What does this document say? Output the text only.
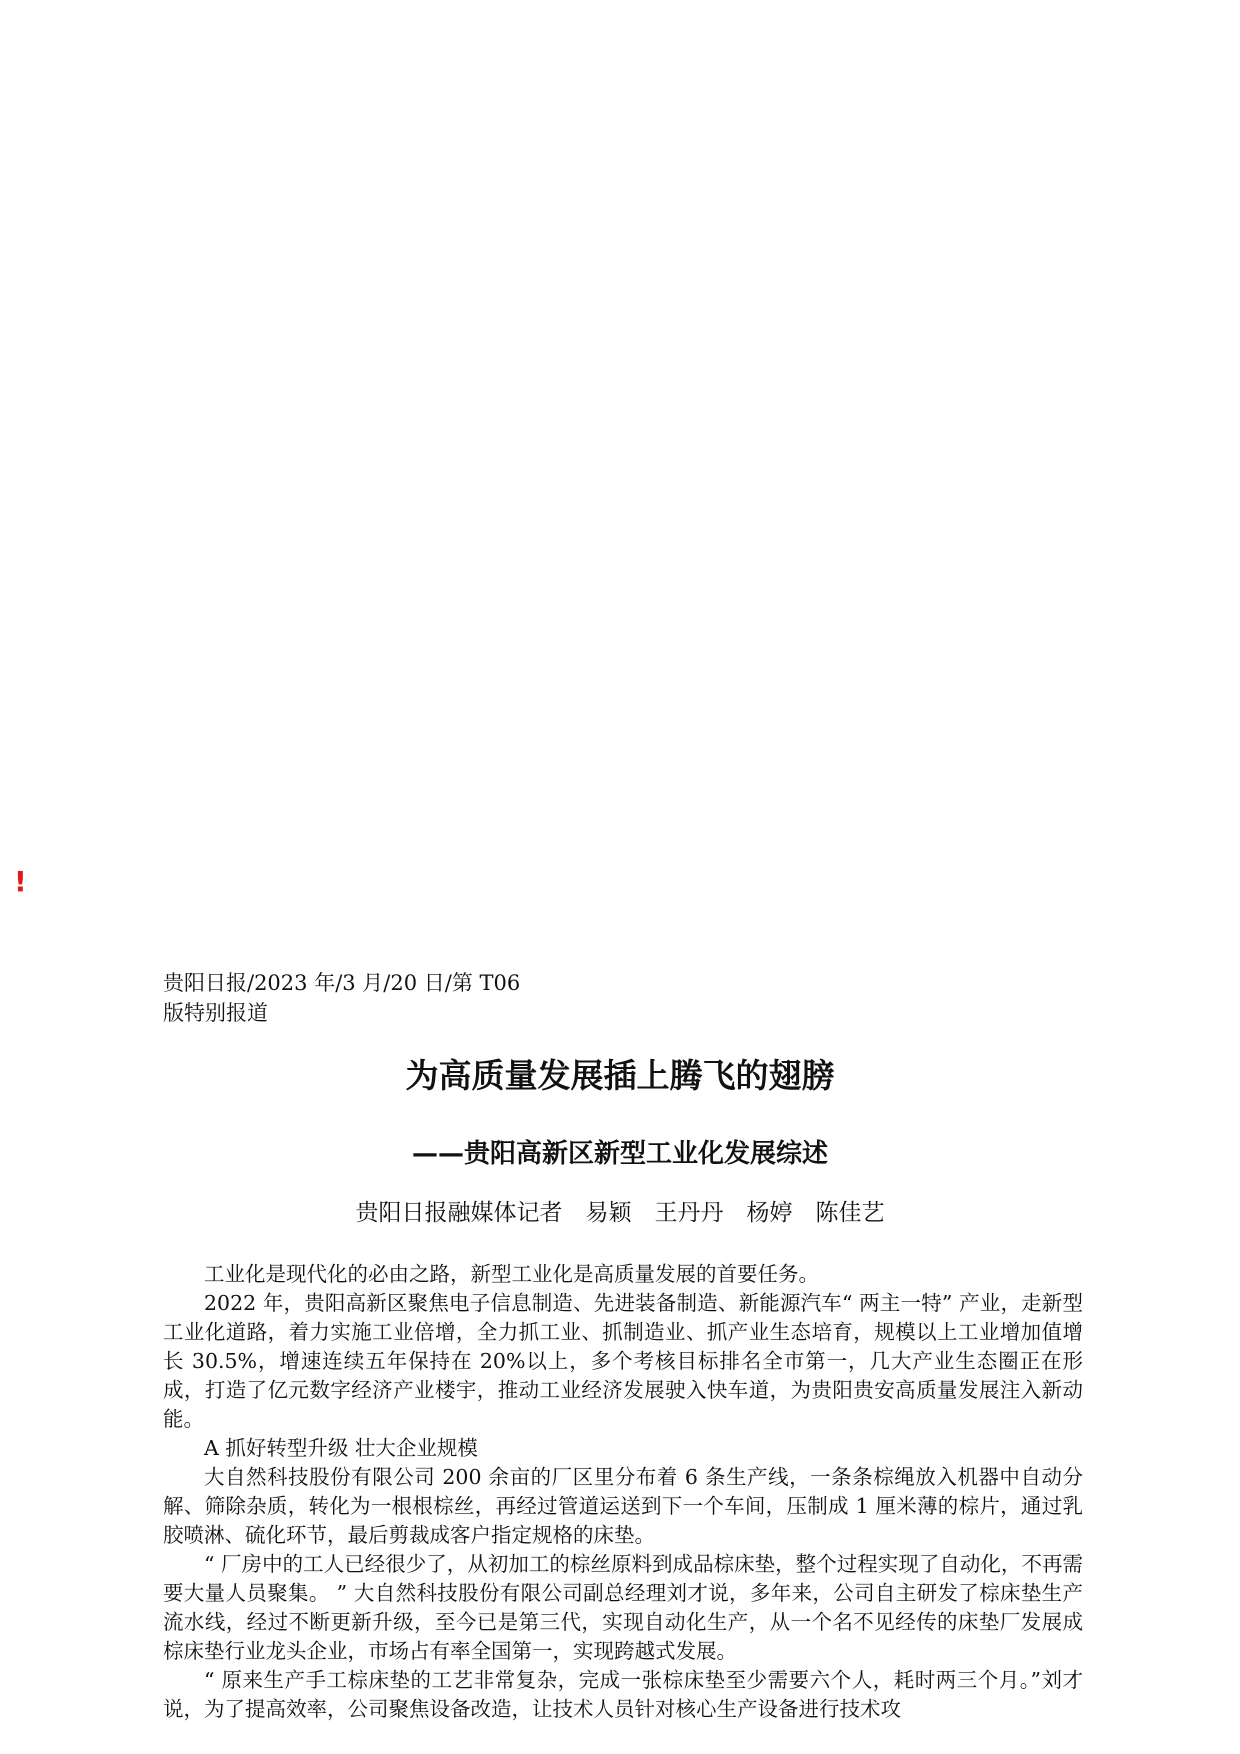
!
贵阳日报/2023 年/3 月/20 日/第 T06 版特别报道
为高质量发展插上腾飞的翅膀
——贵阳高新区新型工业化发展综述
贵阳日报融媒体记者　易颖　王丹丹　杨婷　陈佳艺

工业化是现代化的必由之路，新型工业化是高质量发展的首要任务。

2022 年，贵阳高新区聚焦电子信息制造、先进装备制造、新能源汽车“ 两主一特” 产业，走新型工业化道路，着力实施工业倍增，全力抓工业、抓制造业、抓产业生态培育，规模以上工业增加值增长 30.5%，增速连续五年保持在 20%以上，多个考核目标排名全市第一，几大产业生态圈正在形成，打造了亿元数字经济产业楼宇，推动工业经济发展驶入快车道，为贵阳贵安高质量发展注入新动能。

A 抓好转型升级 壮大企业规模

大自然科技股份有限公司 200 余亩的厂区里分布着 6 条生产线，一条条棕绳放入机器中自动分解、筛除杂质，转化为一根根棕丝，再经过管道运送到下一个车间，压制成 1 厘米薄的棕片，通过乳胶喷淋、硫化环节，最后剪裁成客户指定规格的床垫。

“ 厂房中的工人已经很少了，从初加工的棕丝原料到成品棕床垫，整个过程实现了自动化，不再需要大量人员聚集。 ” 大自然科技股份有限公司副总经理刘才说，多年来，公司自主研发了棕床垫生产流水线，经过不断更新升级，至今已是第三代，实现自动化生产，从一个名不见经传的床垫厂发展成棕床垫行业龙头企业，市场占有率全国第一，实现跨越式发展。

“ 原来生产手工棕床垫的工艺非常复杂，完成一张棕床垫至少需要六个人，耗时两三个月。”刘才说，为了提高效率，公司聚焦设备改造，让技术人员针对核心生产设备进行技术攻
